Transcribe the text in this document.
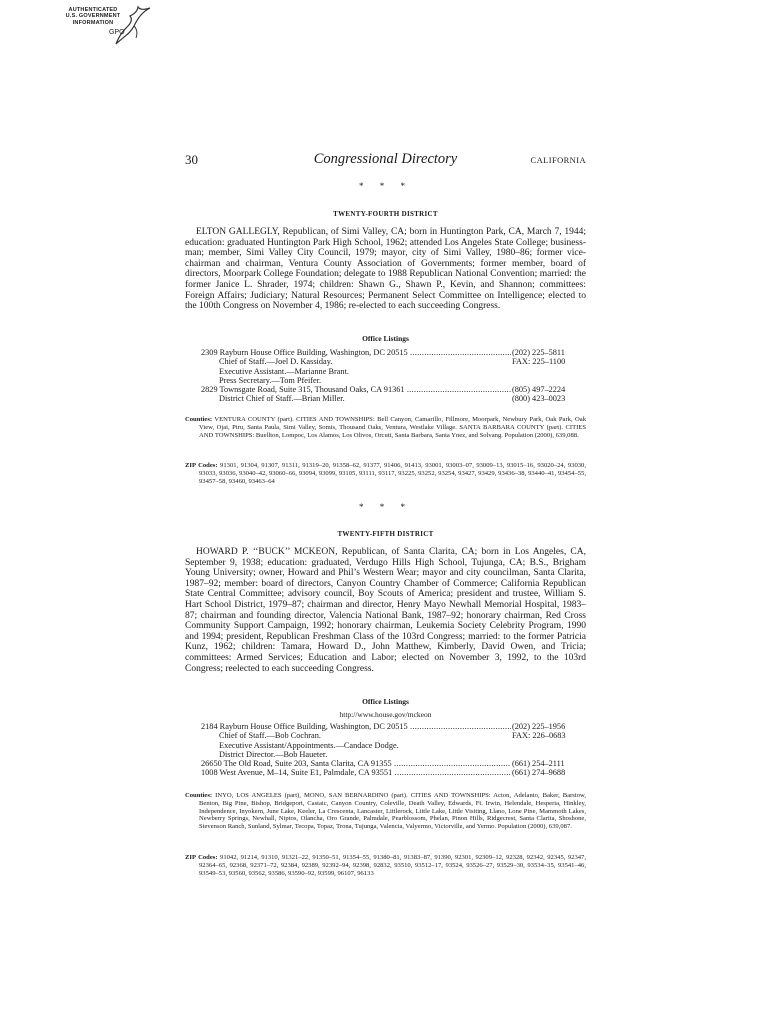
AUTHENTICATED
U.S. GOVERNMENT
INFORMATION
GPO
30	Congressional Directory	CALIFORNIA
* * *
TWENTY-FOURTH DISTRICT

ELTON GALLEGLY, Republican, of Simi Valley, CA; born in Huntington Park, CA, March 7, 1944; education: graduated Huntington Park High School, 1962; attended Los Angeles State College; businessman; member, Simi Valley City Council, 1979; mayor, city of Simi Valley, 1980–86; former vice-chairman and chairman, Ventura County Association of Governments; former member, board of directors, Moorpark College Foundation; delegate to 1988 Republican National Convention; married: the former Janice L. Shrader, 1974; children: Shawn G., Shawn P., Kevin, and Shannon; committees: Foreign Affairs; Judiciary; Natural Resources; Permanent Select Committee on Intelligence; elected to the 100th Congress on November 4, 1986; re-elected to each succeeding Congress.

Office Listings
2309 Rayburn House Office Building, Washington, DC 20515 .....	(202) 225–5811
Chief of Staff.—Joel D. Kassiday.	FAX: 225–1100
Executive Assistant.—Marianne Brant.
Press Secretary.—Tom Pfeifer.
2829 Townsgate Road, Suite 315, Thousand Oaks, CA 91361 .....	(805) 497–2224
District Chief of Staff.—Brian Miller.	(800) 423–0023

Counties: VENTURA COUNTY (part). CITIES AND TOWNSHIPS: Bell Canyon, Camarillo, Fillmore, Moorpark, Newbury Park, Oak Park, Oak View, Ojai, Piru, Santa Paula, Simi Valley, Somis, Thousand Oaks, Ventura, Westlake Village. SANTA BARBARA COUNTY (part). CITIES AND TOWNSHIPS: Buellton, Lompoc, Los Alamos, Los Olivos, Orcutt, Santa Barbara, Santa Ynez, and Solvang. Population (2000), 639,088.

ZIP Codes: 91301, 91304, 91307, 91311, 91319–20, 91358–62, 91377, 91406, 91413, 93001, 93003–07, 93009–13, 93015–16, 93020–24, 93030, 93033, 93036, 93040–42, 93060–66, 93094, 93099, 93105, 93111, 93117, 93225, 93252, 93254, 93427, 93429, 93436–38, 93440–41, 93454–55, 93457–58, 93460, 93463–64

* * *
TWENTY-FIFTH DISTRICT

HOWARD P. ‘‘BUCK’’ MCKEON, Republican, of Santa Clarita, CA; born in Los Angeles, CA, September 9, 1938; education: graduated, Verdugo Hills High School, Tujunga, CA; B.S., Brigham Young University; owner, Howard and Phil’s Western Wear; mayor and city councilman, Santa Clarita, 1987–92; member: board of directors, Canyon Country Chamber of Commerce; California Republican State Central Committee; advisory council, Boy Scouts of America; president and trustee, William S. Hart School District, 1979–87; chairman and director, Henry Mayo Newhall Memorial Hospital, 1983–87; chairman and founding director, Valencia National Bank, 1987–92; honorary chairman, Red Cross Community Support Campaign, 1992; honorary chairman, Leukemia Society Celebrity Program, 1990 and 1994; president, Republican Freshman Class of the 103rd Congress; married: to the former Patricia Kunz, 1962; children: Tamara, Howard D., John Matthew, Kimberly, David Owen, and Tricia; committees: Armed Services; Education and Labor; elected on November 3, 1992, to the 103rd Congress; reelected to each succeeding Congress.

Office Listings
http://www.house.gov/mckeon
2184 Rayburn House Office Building, Washington, DC 20515 .....	(202) 225–1956
Chief of Staff.—Bob Cochran.	FAX: 226–0683
Executive Assistant/Appointments.—Candace Dodge.
District Director.—Bob Haueter.
26650 The Old Road, Suite 203, Santa Clarita, CA 91355 .....	(661) 254–2111
1008 West Avenue, M–14, Suite E1, Palmdale, CA 93551 .....	(661) 274–9688

Counties: INYO, LOS ANGELES (part), MONO, SAN BERNARDINO (part). CITIES AND TOWNSHIPS: Acton, Adelanto, Baker, Barstow, Benton, Big Pine, Bishop, Bridgeport, Castaic, Canyon Country, Coleville, Death Valley, Edwards, Ft. Irwin, Helendale, Hesperia, Hinkley, Independence, Inyokern, June Lake, Keeler, La Crescenta, Lancaster, Littlerock, Little Lake, Little Visiting, Llano, Lone Pine, Mammoth Lakes, Newberry Springs, Newhall, Niptos, Olancha, Oro Grande, Palmdale, Pearblossom, Phelan, Pinon Hills, Ridgecrest, Santa Clarita, Shoshone, Stevenson Ranch, Sunland, Sylmar, Tecopa, Topaz, Trona, Tujunga, Valencia, Valyermo, Victorville, and Yermo. Population (2000), 639,087.

ZIP Codes: 91042, 91214, 91310, 91321–22, 91350–51, 91354–55, 91380–81, 91383–87, 91390, 92301, 92309–12, 92328, 92342, 92345, 92347, 92364–65, 92368, 92371–72, 92384, 92389, 92392–94, 92398, 92832, 93510, 93512–17, 93524, 93526–27, 93529–30, 93534–35, 93541–46, 93549–53, 93560, 93562, 93586, 93590–92, 93599, 96107, 96133
